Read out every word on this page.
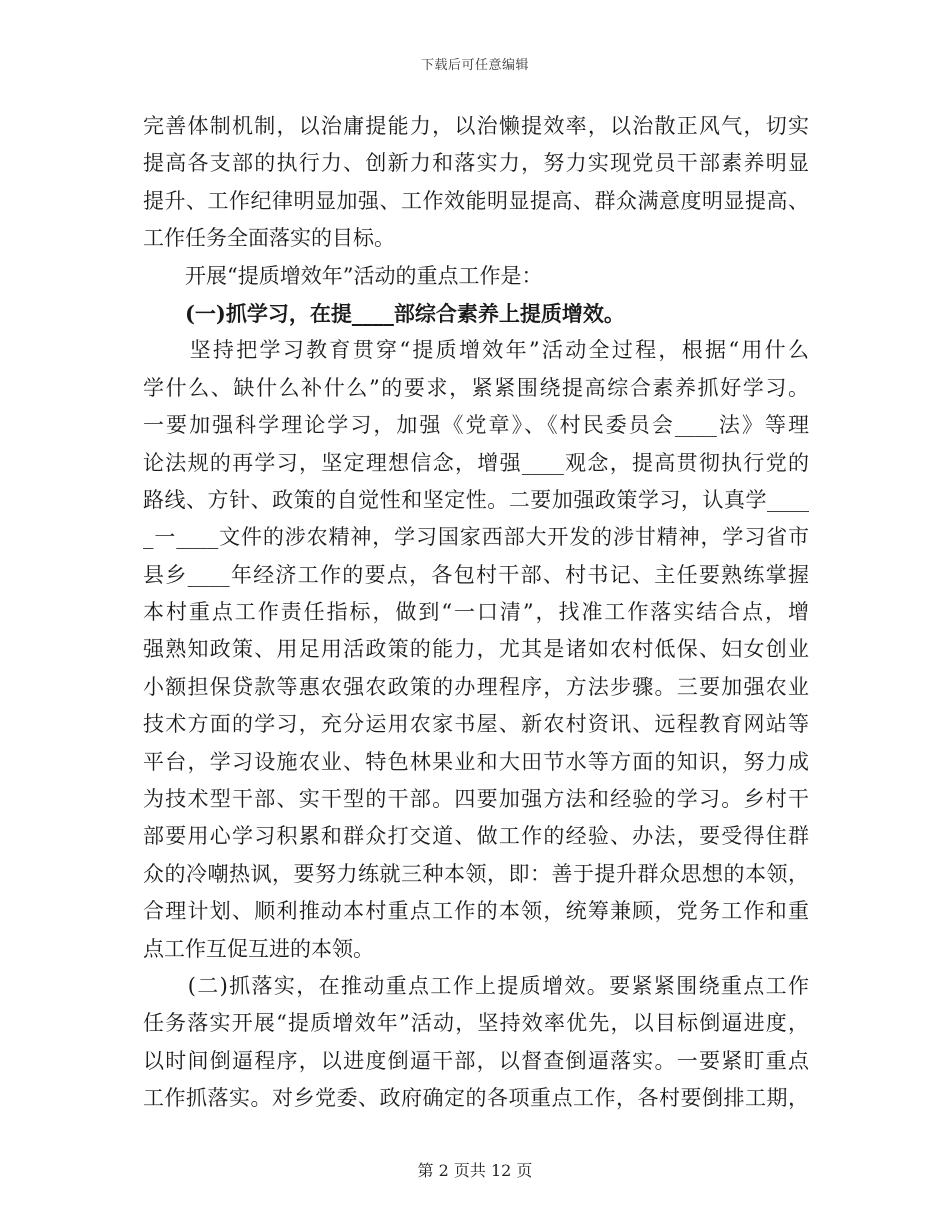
下载后可任意编辑
完善体制机制，以治庸提能力，以治懒提效率，以治散正风气，切实
提高各支部的执行力、创新力和落实力，努力实现党员干部素养明显
提升、工作纪律明显加强、工作效能明显提高、群众满意度明显提高、
工作任务全面落实的目标。
　　开展“提质增效年”活动的重点工作是：
　　(一)抓学习，在提____部综合素养上提质增效。
　　坚持把学习教育贯穿“提质增效年”活动全过程，根据“用什么
学什么、缺什么补什么”的要求，紧紧围绕提高综合素养抓好学习。
一要加强科学理论学习，加强《党章》、《村民委员会____法》等理
论法规的再学习，坚定理想信念，增强____观念，提高贯彻执行党的
路线、方针、政策的自觉性和坚定性。二要加强政策学习，认真学____
_一____文件的涉农精神，学习国家西部大开发的涉甘精神，学习省市
县乡____年经济工作的要点，各包村干部、村书记、主任要熟练掌握
本村重点工作责任指标，做到“一口清”，找准工作落实结合点，增
强熟知政策、用足用活政策的能力，尤其是诸如农村低保、妇女创业
小额担保贷款等惠农强农政策的办理程序，方法步骤。三要加强农业
技术方面的学习，充分运用农家书屋、新农村资讯、远程教育网站等
平台，学习设施农业、特色林果业和大田节水等方面的知识，努力成
为技术型干部、实干型的干部。四要加强方法和经验的学习。乡村干
部要用心学习积累和群众打交道、做工作的经验、办法，要受得住群
众的冷嘲热讽，要努力练就三种本领，即：善于提升群众思想的本领，
合理计划、顺利推动本村重点工作的本领，统筹兼顾，党务工作和重
点工作互促互进的本领。
　　(二)抓落实，在推动重点工作上提质增效。要紧紧围绕重点工作
任务落实开展“提质增效年”活动，坚持效率优先，以目标倒逼进度，
以时间倒逼程序，以进度倒逼干部，以督查倒逼落实。一要紧盯重点
工作抓落实。对乡党委、政府确定的各项重点工作，各村要倒排工期，
第 2 页共 12 页
